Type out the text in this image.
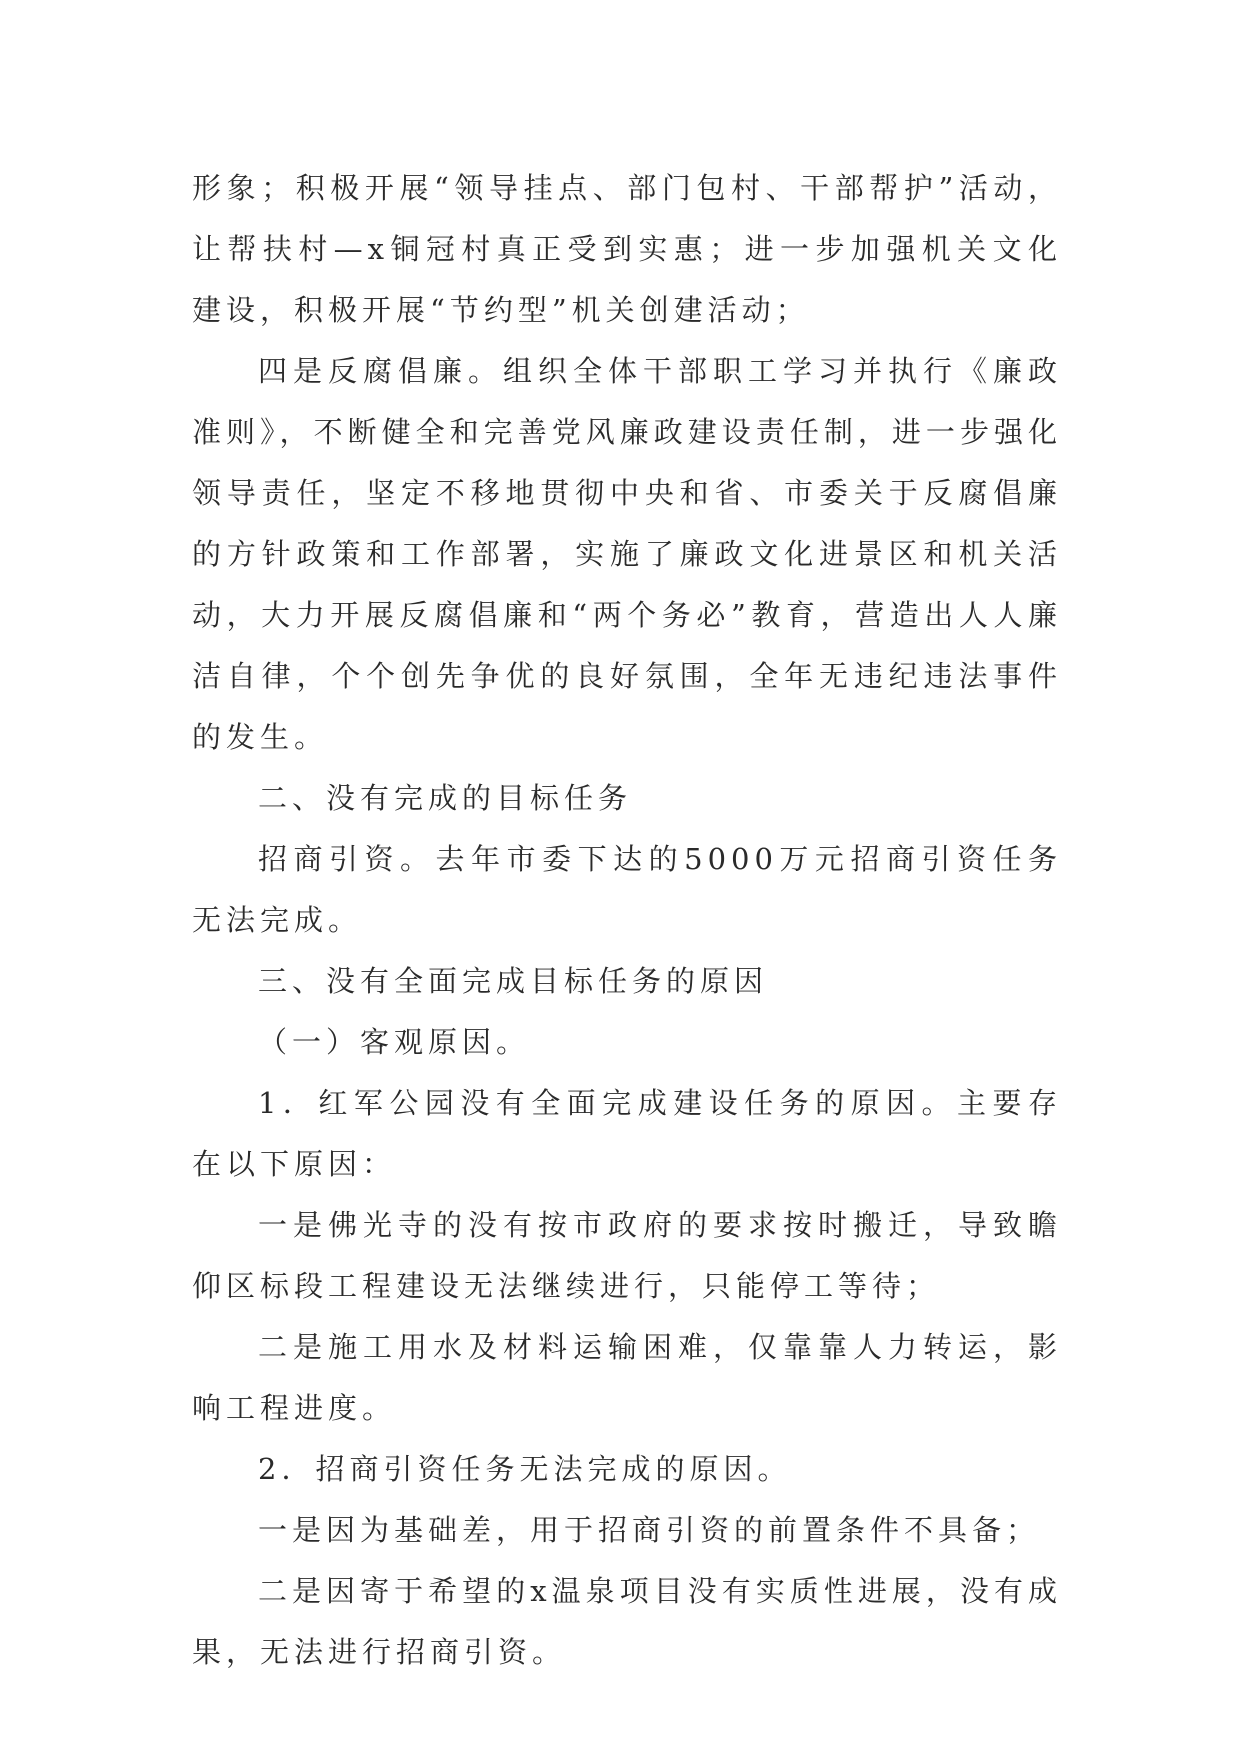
形象；积极开展“领导挂点、部门包村、干部帮护”活动，让帮扶村—x铜冠村真正受到实惠；进一步加强机关文化建设，积极开展“节约型”机关创建活动；

四是反腐倡廉。组织全体干部职工学习并执行《廉政准则》，不断健全和完善党风廉政建设责任制，进一步强化领导责任，坚定不移地贯彻中央和省、市委关于反腐倡廉的方针政策和工作部署，实施了廉政文化进景区和机关活动，大力开展反腐倡廉和“两个务必”教育，营造出人人廉洁自律，个个创先争优的良好氛围，全年无违纪违法事件的发生。

二、没有完成的目标任务

招商引资。去年市委下达的5000万元招商引资任务无法完成。

三、没有全面完成目标任务的原因

（一）客观原因。

1．红军公园没有全面完成建设任务的原因。主要存在以下原因：

一是佛光寺的没有按市政府的要求按时搬迁，导致瞻仰区标段工程建设无法继续进行，只能停工等待；

二是施工用水及材料运输困难，仅靠靠人力转运，影响工程进度。

2．招商引资任务无法完成的原因。

一是因为基础差，用于招商引资的前置条件不具备；

二是因寄于希望的x温泉项目没有实质性进展，没有成果，无法进行招商引资。
